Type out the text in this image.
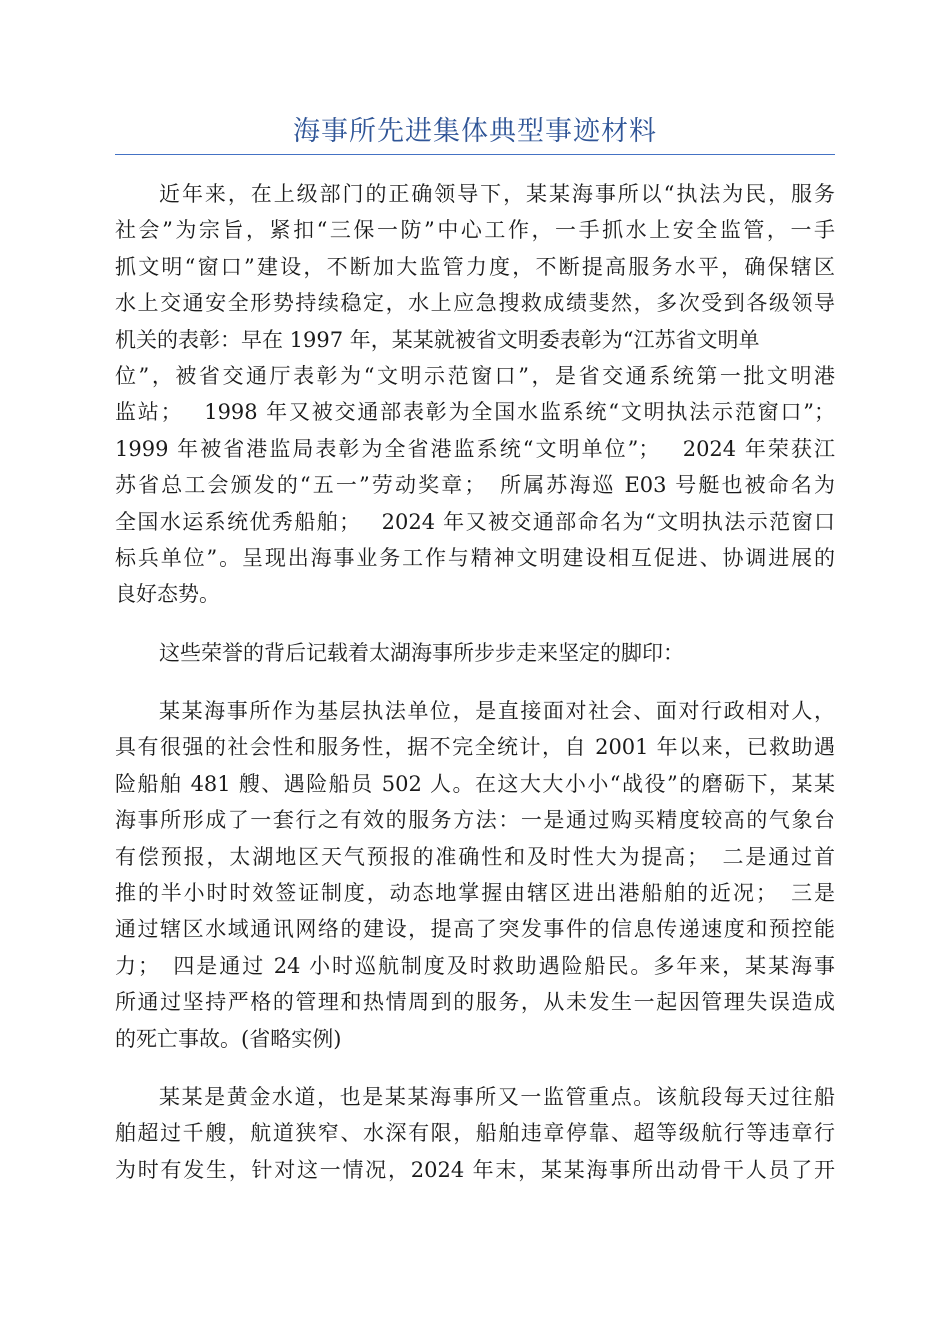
海事所先进集体典型事迹材料
近年来，在上级部门的正确领导下，某某海事所以“执法为民，服务
社会”为宗旨，紧扣“三保一防”中心工作，一手抓水上安全监管，一手
抓文明“窗口”建设，不断加大监管力度，不断提高服务水平，确保辖区
水上交通安全形势持续稳定，水上应急搜救成绩斐然，多次受到各级领导
机关的表彰：早在 1997 年，某某就被省文明委表彰为“江苏省文明单
位”，被省交通厅表彰为“文明示范窗口”，是省交通系统第一批文明港
监站；　 1998 年又被交通部表彰为全国水监系统“文明执法示范窗口”；
1999 年被省港监局表彰为全省港监系统“文明单位”；　 2024 年荣获江
苏省总工会颁发的“五一”劳动奖章；　所属苏海巡 E03 号艇也被命名为
全国水运系统优秀船舶；　 2024 年又被交通部命名为“文明执法示范窗口
标兵单位”。呈现出海事业务工作与精神文明建设相互促进、协调进展的
良好态势。
这些荣誉的背后记载着太湖海事所步步走来坚定的脚印：
某某海事所作为基层执法单位，是直接面对社会、面对行政相对人，
具有很强的社会性和服务性，据不完全统计，自 2001 年以来，已救助遇
险船舶 481 艘、遇险船员 502 人。在这大大小小“战役”的磨砺下，某某
海事所形成了一套行之有效的服务方法：一是通过购买精度较高的气象台
有偿预报，太湖地区天气预报的准确性和及时性大为提高；　二是通过首
推的半小时时效签证制度，动态地掌握由辖区进出港船舶的近况；　三是
通过辖区水域通讯网络的建设，提高了突发事件的信息传递速度和预控能
力；　四是通过 24 小时巡航制度及时救助遇险船民。多年来，某某海事
所通过坚持严格的管理和热情周到的服务，从未发生一起因管理失误造成
的死亡事故。(省略实例)
某某是黄金水道，也是某某海事所又一监管重点。该航段每天过往船
舶超过千艘，航道狭窄、水深有限，船舶违章停靠、超等级航行等违章行
为时有发生，针对这一情况，2024 年末，某某海事所出动骨干人员了开
